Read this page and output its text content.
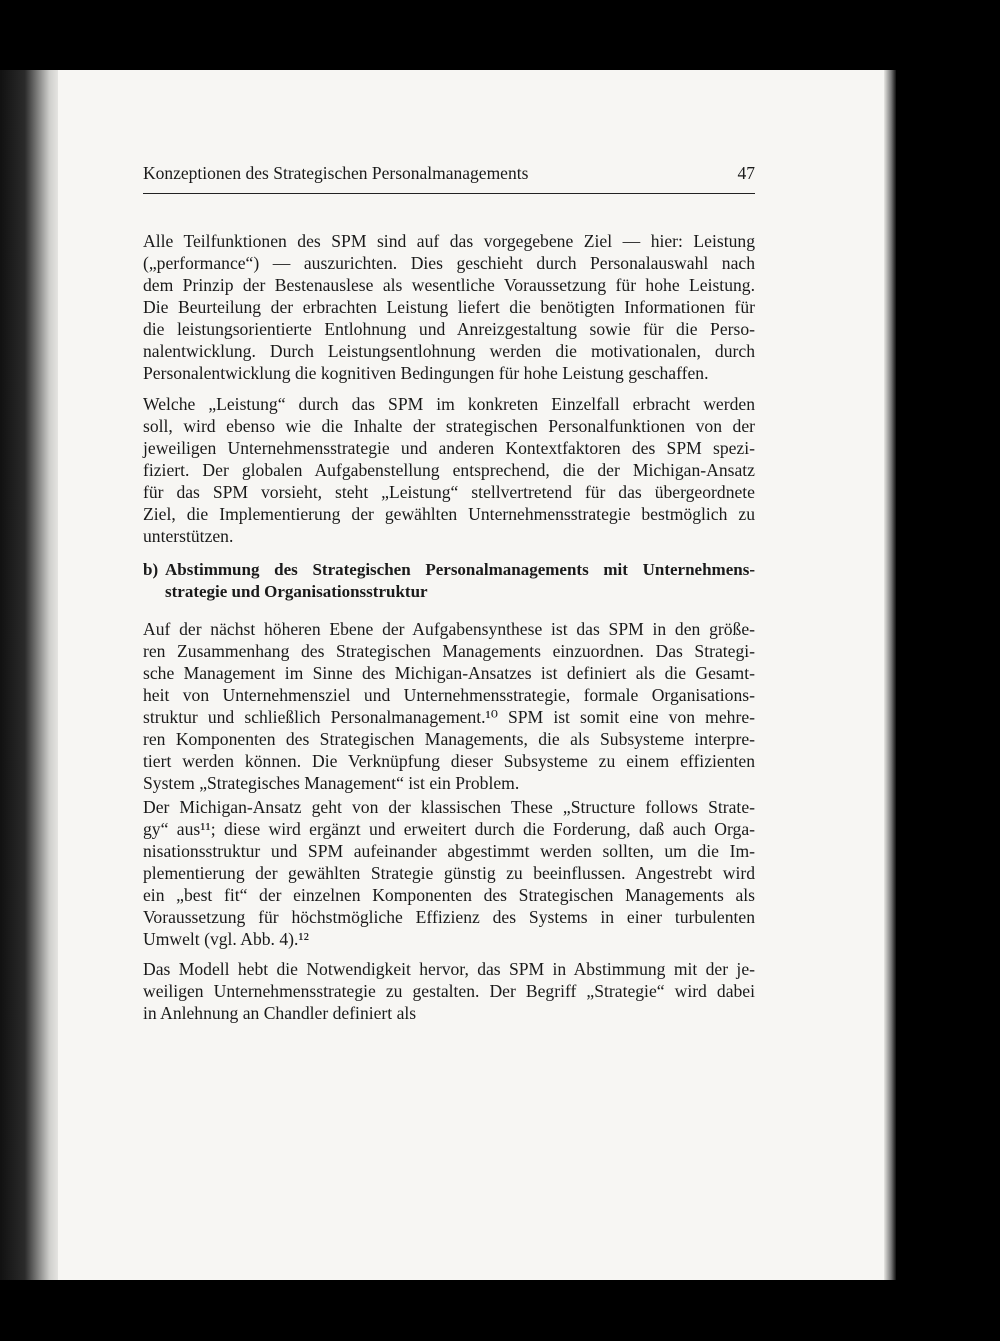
Konzeptionen des Strategischen Personalmanagements	47
Alle Teilfunktionen des SPM sind auf das vorgegebene Ziel — hier: Leistung
(„performance“) — auszurichten. Dies geschieht durch Personalauswahl nach
dem Prinzip der Bestenauslese als wesentliche Voraussetzung für hohe Leistung.
Die Beurteilung der erbrachten Leistung liefert die benötigten Informationen für
die leistungsorientierte Entlohnung und Anreizgestaltung sowie für die Perso-
nalentwicklung. Durch Leistungsentlohnung werden die motivationalen, durch
Personalentwicklung die kognitiven Bedingungen für hohe Leistung geschaffen.
Welche „Leistung“ durch das SPM im konkreten Einzelfall erbracht werden
soll, wird ebenso wie die Inhalte der strategischen Personalfunktionen von der
jeweiligen Unternehmensstrategie und anderen Kontextfaktoren des SPM spezi-
fiziert. Der globalen Aufgabenstellung entsprechend, die der Michigan-Ansatz
für das SPM vorsieht, steht „Leistung“ stellvertretend für das übergeordnete
Ziel, die Implementierung der gewählten Unternehmensstrategie bestmöglich zu
unterstützen.
b) Abstimmung des Strategischen Personalmanagements mit Unternehmens-
strategie und Organisationsstruktur
Auf der nächst höheren Ebene der Aufgabensynthese ist das SPM in den größe-
ren Zusammenhang des Strategischen Managements einzuordnen. Das Strategi-
sche Management im Sinne des Michigan-Ansatzes ist definiert als die Gesamt-
heit von Unternehmensziel und Unternehmensstrategie, formale Organisations-
struktur und schließlich Personalmanagement.¹⁰ SPM ist somit eine von mehre-
ren Komponenten des Strategischen Managements, die als Subsysteme interpre-
tiert werden können. Die Verknüpfung dieser Subsysteme zu einem effizienten
System „Strategisches Management“ ist ein Problem.
Der Michigan-Ansatz geht von der klassischen These „Structure follows Strate-
gy“ aus¹¹; diese wird ergänzt und erweitert durch die Forderung, daß auch Orga-
nisationsstruktur und SPM aufeinander abgestimmt werden sollten, um die Im-
plementierung der gewählten Strategie günstig zu beeinflussen. Angestrebt wird
ein „best fit“ der einzelnen Komponenten des Strategischen Managements als
Voraussetzung für höchstmögliche Effizienz des Systems in einer turbulenten
Umwelt (vgl. Abb. 4).¹²
Das Modell hebt die Notwendigkeit hervor, das SPM in Abstimmung mit der je-
weiligen Unternehmensstrategie zu gestalten. Der Begriff „Strategie“ wird dabei
in Anlehnung an Chandler definiert als
